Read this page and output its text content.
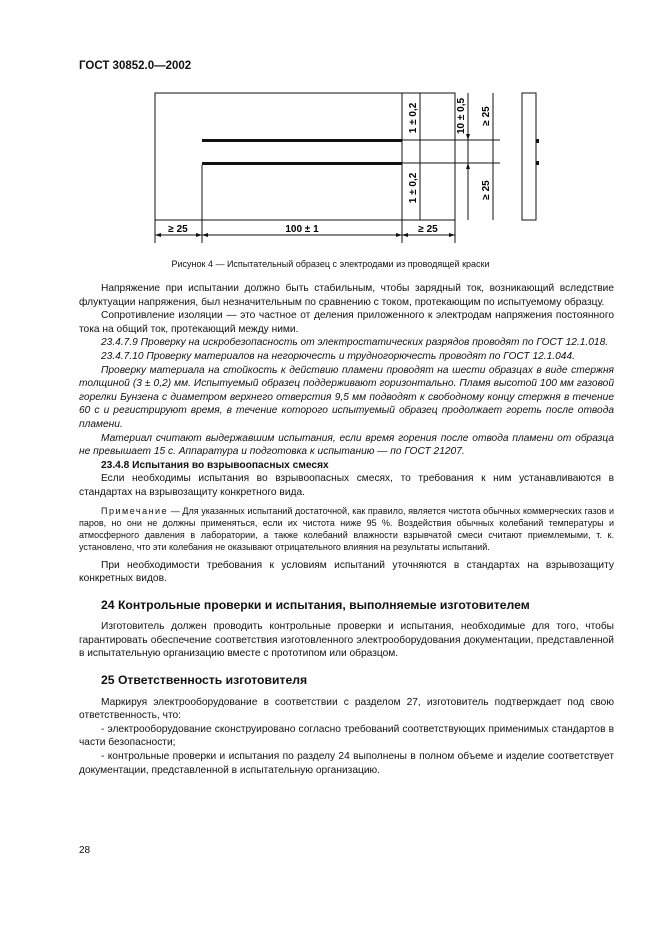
ГОСТ 30852.0—2002
≥ 25	100 ± 1	≥ 25
1 ± 0,2
1 ± 0,2
10 ± 0,5 ≥ 25
≥ 25
Рисунок 4 — Испытательный образец с электродами из проводящей краски

Напряжение при испытании должно быть стабильным, чтобы зарядный ток, возникающий вследствие флуктуации напряжения, был незначительным по сравнению с током, протекающим по испытуемому образцу.

Сопротивление изоляции — это частное от деления приложенного к электродам напряжения постоянного тока на общий ток, протекающий между ними.

23.4.7.9 Проверку на искробезопасность от электростатических разрядов проводят по ГОСТ 12.1.018.

23.4.7.10 Проверку материалов на негорючесть и трудногорючесть проводят по ГОСТ 12.1.044.

Проверку материала на стойкость к действию пламени проводят на шести образцах в виде стержня толщиной (3 ± 0,2) мм. Испытуемый образец поддерживают горизонтально. Пламя высотой 100 мм газовой горелки Бунзена с диаметром верхнего отверстия 9,5 мм подводят к свободному концу стержня в течение 60 с и регистрируют время, в течение которого испытуемый образец продолжает гореть после отвода пламени.

Материал считают выдержавшим испытания, если время горения после отвода пламени от образца не превышает 15 с. Аппаратура и подготовка к испытанию — по ГОСТ 21207.

23.4.8 Испытания во взрывоопасных смесях

Если необходимы испытания во взрывоопасных смесях, то требования к ним устанавливаются в стандартах на взрывозащиту конкретного вида.

Примечание — Для указанных испытаний достаточной, как правило, является чистота обычных коммерческих газов и паров, но они не должны применяться, если их чистота ниже 95 %. Воздействия обычных колебаний температуры и атмосферного давления в лаборатории, а также колебаний влажности взрывчатой смеси считают приемлемыми, т. к. установлено, что эти колебания не оказывают отрицательного влияния на результаты испытаний.

При необходимости требования к условиям испытаний уточняются в стандартах на взрывозащиту конкретных видов.

24 Контрольные проверки и испытания, выполняемые изготовителем

Изготовитель должен проводить контрольные проверки и испытания, необходимые для того, чтобы гарантировать обеспечение соответствия изготовленного электрооборудования документации, представленной в испытательную организацию вместе с прототипом или образцом.

25 Ответственность изготовителя

Маркируя электрооборудование в соответствии с разделом 27, изготовитель подтверждает под свою ответственность, что:

- электрооборудование сконструировано согласно требований соответствующих применимых стандартов в части безопасности;

- контрольные проверки и испытания по разделу 24 выполнены в полном объеме и изделие соответствует документации, представленной в испытательную организацию.

28
